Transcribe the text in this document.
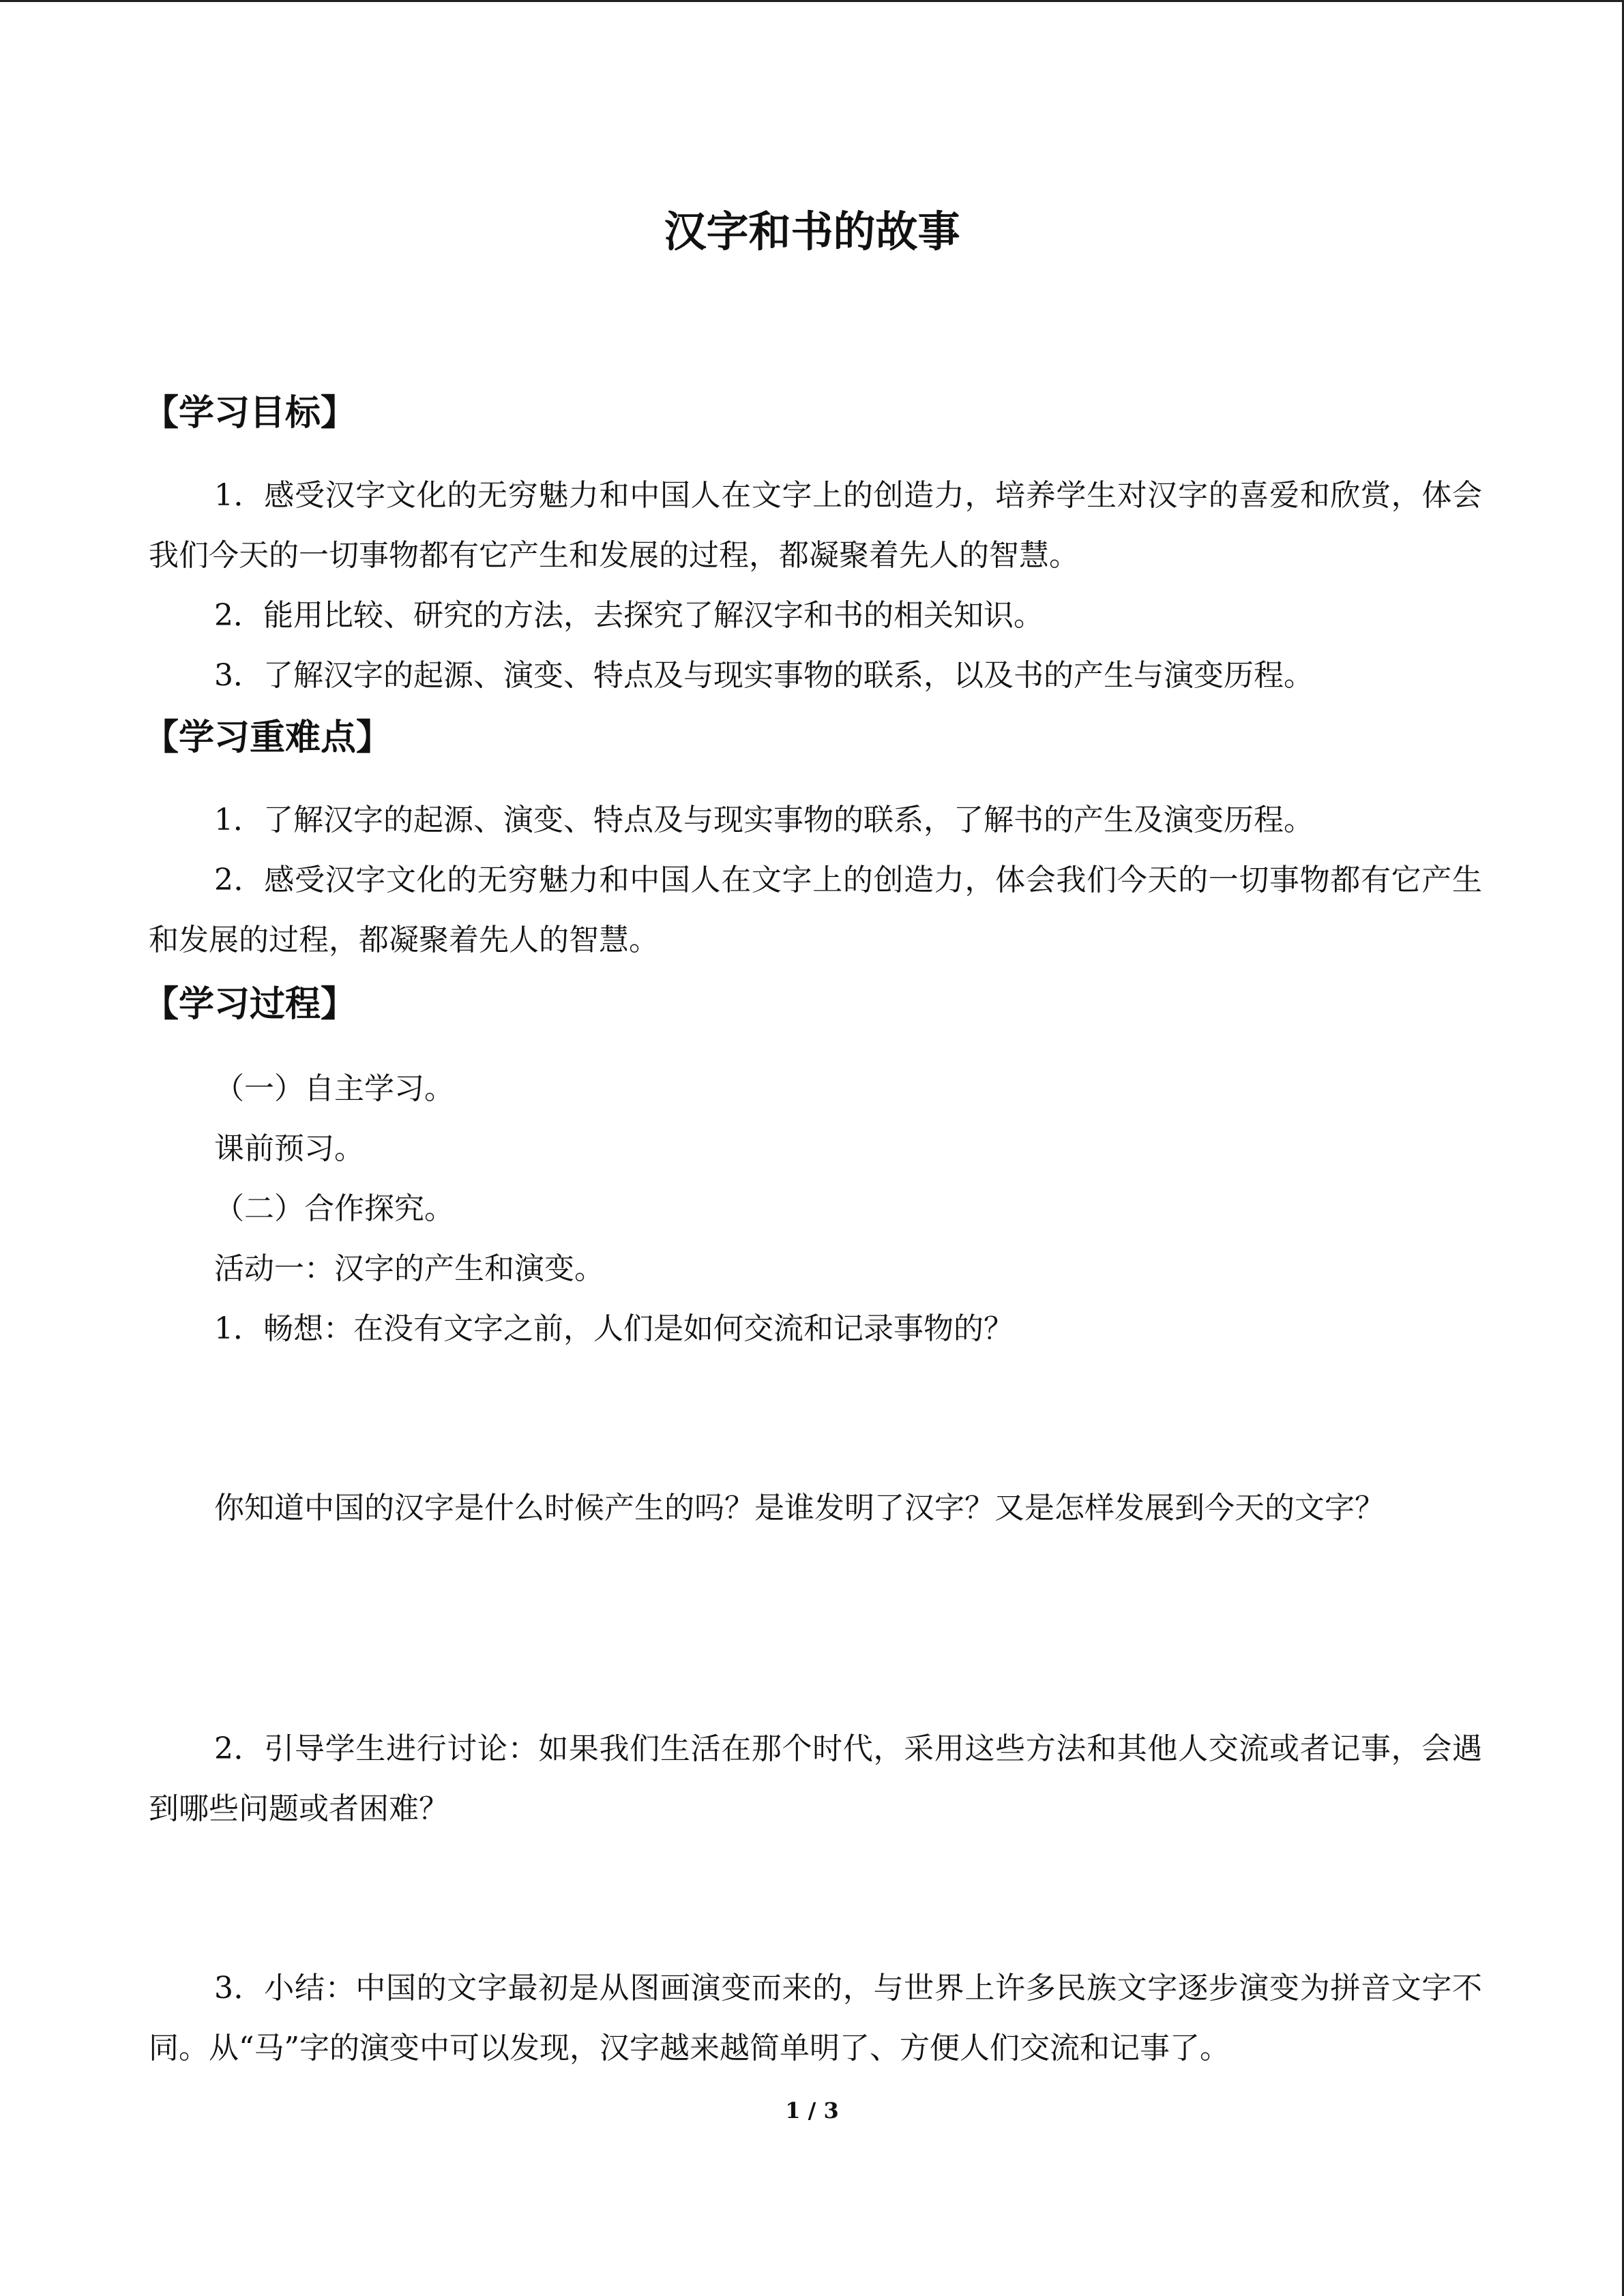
汉字和书的故事
【学习目标】
1．感受汉字文化的无穷魅力和中国人在文字上的创造力，培养学生对汉字的喜爱和欣赏，体会我们今天的一切事物都有它产生和发展的过程，都凝聚着先人的智慧。
2．能用比较、研究的方法，去探究了解汉字和书的相关知识。
3．了解汉字的起源、演变、特点及与现实事物的联系，以及书的产生与演变历程。
【学习重难点】
1．了解汉字的起源、演变、特点及与现实事物的联系，了解书的产生及演变历程。
2．感受汉字文化的无穷魅力和中国人在文字上的创造力，体会我们今天的一切事物都有它产生和发展的过程，都凝聚着先人的智慧。
【学习过程】
（一）自主学习。
课前预习。
（二）合作探究。
活动一：汉字的产生和演变。
1．畅想：在没有文字之前，人们是如何交流和记录事物的？
你知道中国的汉字是什么时候产生的吗？是谁发明了汉字？又是怎样发展到今天的文字？
2．引导学生进行讨论：如果我们生活在那个时代，采用这些方法和其他人交流或者记事，会遇到哪些问题或者困难？
3．小结：中国的文字最初是从图画演变而来的，与世界上许多民族文字逐步演变为拼音文字不同。从“马”字的演变中可以发现，汉字越来越简单明了、方便人们交流和记事了。
1 / 3
